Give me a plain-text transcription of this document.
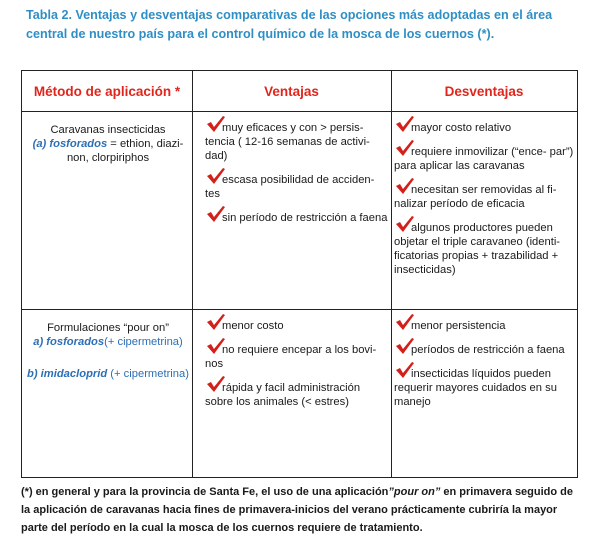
Tabla 2. Ventajas y desventajas comparativas de las opciones más adoptadas en el área central de nuestro país para el control químico de la mosca de los cuernos (*).
Método de aplicación *	Ventajas	Desventajas
Caravanas insecticidas
(a) fosforados = ethion, diazi-
non, clorpiriphos
muy eficaces y con > persis- tencia ( 12-16 semanas de activi- dad)
escasa posibilidad de acciden- tes
sin período de restricción a faena
mayor costo relativo
requiere inmovilizar (“ence- par”) para aplicar las caravanas
necesitan ser removidas al fi- nalizar período de eficacia
algunos productores pueden objetar el triple caravaneo (identi- ficatorias propias + trazabilidad + insecticidas)
Formulaciones “pour on”
a) fosforados(+ cipermetrina)
b) imidacloprid (+ cipermetrina)
menor costo
no requiere encepar a los bovi- nos
rápida y facil administración sobre los animales (< estres)
menor persistencia
períodos de restricción a faena
insecticidas líquidos pueden requerir mayores cuidados en su manejo
(*) en general y para la provincia de Santa Fe, el uso de una aplicación”pour on” en primavera seguido de la aplicación de caravanas hacia fines de primavera-inicios del verano prácticamente cubriría la mayor parte del período en la cual la mosca de los cuernos requiere de tratamiento.
